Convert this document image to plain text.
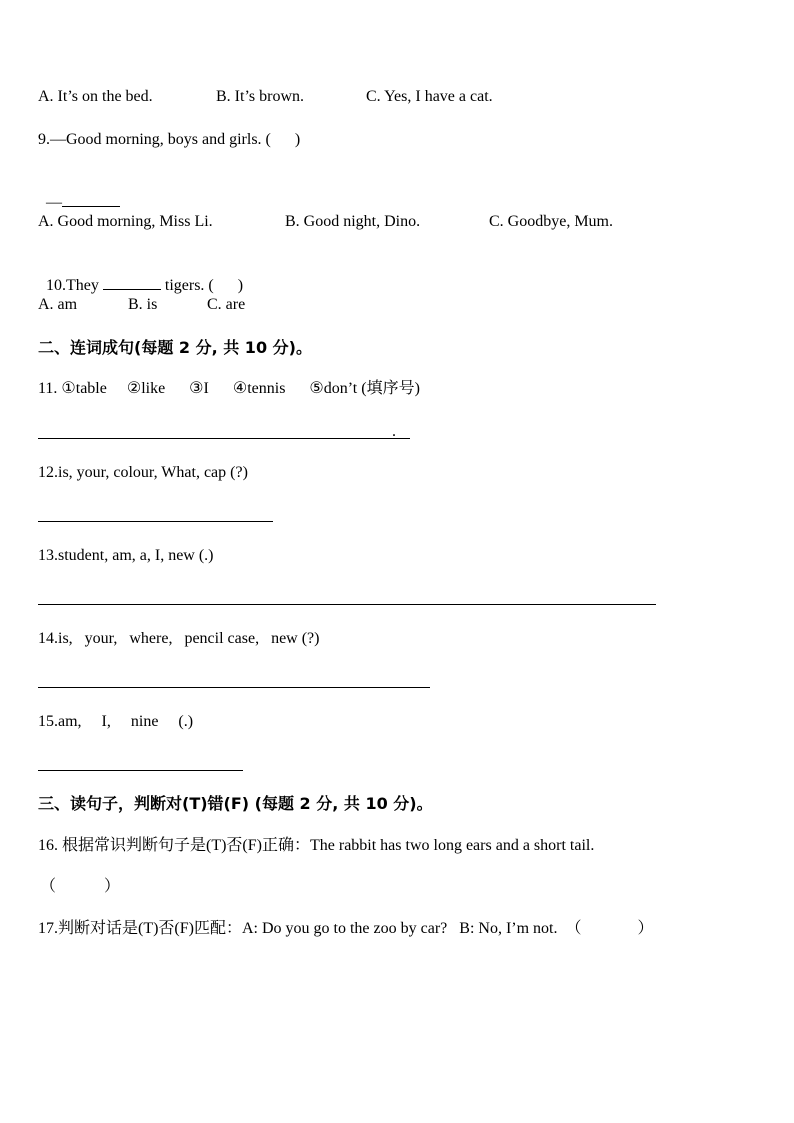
A. It’s on the bed.	B. It’s brown.	C. Yes, I have a cat.
9.—Good morning, boys and girls. (      )

—

A. Good morning, Miss Li.	B. Good night, Dino.	C. Goodbye, Mum.

10.They	tigers. (      )

A. am	B. is	C. are
二、连词成句(每题 2 分, 共 10 分)。
11. ①table     ②like      ③I      ④tennis      ⑤don’t (填序号)
.
12.is, your, colour, What, cap (?)
13.student, am, a, I, new (.)
14.is,   your,   where,   pencil case,   new (?)
15.am,     I,     nine     (.)
三、读句子，判断对(T)错(F) (每题 2 分, 共 10 分)。
16. 根据常识判断句子是(T)否(F)正确：The rabbit has two long ears and a short tail.
（            ）
17.判断对话是(T)否(F)匹配：A: Do you go to the zoo by car?   B: No, I’m not.  （              ）
